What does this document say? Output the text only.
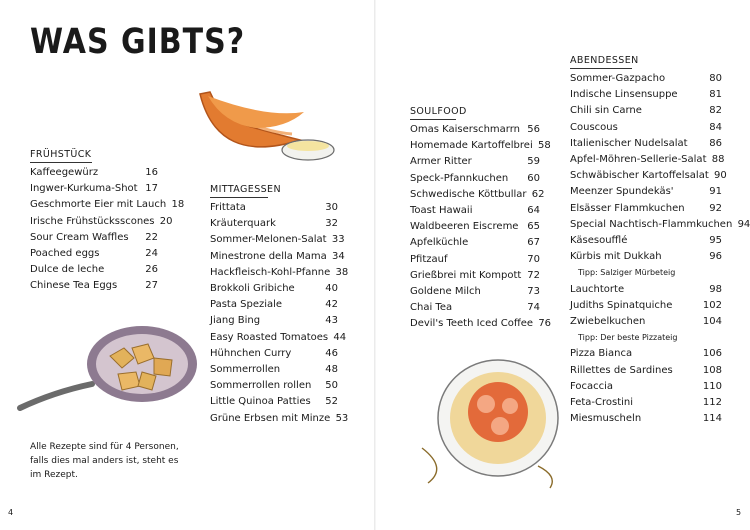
WAS GIBTS?
FRÜHSTÜCK
Kaffeegewürz	16
Ingwer-Kurkuma-Shot 17
Geschmorte Eier mit Lauch 18
Irische Frühstücksscones 20
Sour Cream Waffles	22
Poached eggs	24
Dulce de leche	26
Chinese Tea Eggs	27
MITTAGESSEN
Frittata	30
Kräuterquark	32
Sommer-Melonen-Salat 33
Minestrone della Mama 34
Hackfleisch-Kohl-Pfanne 38
Brokkoli Gribiche	40
Pasta Speziale	42
Jiang Bing	43
Easy Roasted Tomatoes 44
Hühnchen Curry	46
Sommerrollen	48
Sommerrollen rollen	50
Little Quinoa Patties	52
Grüne Erbsen mit Minze 53
SOULFOOD
Omas Kaiserschmarrn 56
Homemade Kartoffelbrei 58
Armer Ritter	59
Speck-Pfannkuchen	60
Schwedische Köttbullar 62
Toast Hawaii	64
Waldbeeren Eiscreme 65
Apfelküchle	67
Pfitzauf	70
Grießbrei mit Kompott 72
Goldene Milch	73
Chai Tea	74
Devil's Teeth Iced Coffee 76
ABENDESSEN
Sommer-Gazpacho	80
Indische Linsensuppe	81
Chili sin Carne	82
Couscous	84
Italienischer Nudelsalat	86
Apfel-Möhren-Sellerie-Salat 88
Schwäbischer Kartoffelsalat 90
Meenzer Spundekäs'	91
Elsässer Flammkuchen	92
Special Nachtisch-Flammkuchen 94
Käsesoufflé	95
Kürbis mit Dukkah	96
Tipp: Salziger Mürbeteig
Lauchtorte	98
Judiths Spinatquiche	102
Zwiebelkuchen	104
Tipp: Der beste Pizzateig
Pizza Bianca	106
Rillettes de Sardines	108
Focaccia	110
Feta-Crostini	112
Miesmuscheln	114
Alle Rezepte sind für 4 Personen, falls dies mal anders ist, steht es im Rezept.
4	5
